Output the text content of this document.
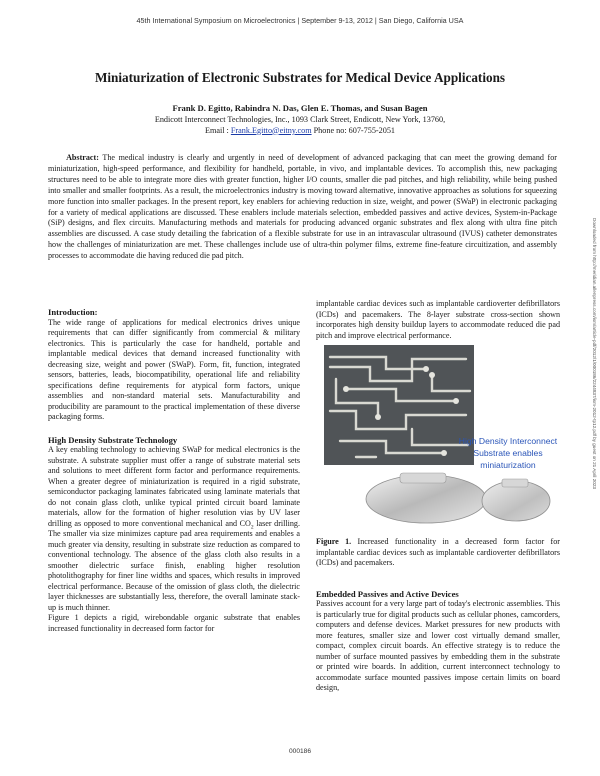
45th International Symposium on Microelectronics | September 9-13, 2012 | San Diego, California USA
Miniaturization of Electronic Substrates for Medical Device Applications
Frank D. Egitto, Rabindra N. Das, Glen E. Thomas, and Susan Bagen
Endicott Interconnect Technologies, Inc., 1093 Clark Street, Endicott, New York, 13760,
Email : Frank.Egitto@eitny.com Phone no: 607-755-2051
Abstract: The medical industry is clearly and urgently in need of development of advanced packaging that can meet the growing demand for miniaturization, high-speed performance, and flexibility for handheld, portable, in vivo, and implantable devices. To accomplish this, new packaging structures need to be able to integrate more dies with greater function, higher I/O counts, smaller die pad pitches, and high reliability, while being pushed into smaller and smaller footprints. As a result, the microelectronics industry is moving toward alternative, innovative approaches as solutions for squeezing more function into smaller packages. In the present report, key enablers for achieving reduction in size, weight, and power (SWaP) in electronic packaging for a variety of medical applications are discussed. These enablers include materials selection, embedded passives and active devices, System-in-Package (SiP) designs, and flex circuits. Manufacturing methods and materials for producing advanced organic substrates and flex along with ultra fine pitch assemblies are discussed. A case study detailing the fabrication of a flexible substrate for use in an intravascular ultrasound (IVUS) catheter demonstrates how the challenges of miniaturization are met. These challenges include use of ultra-thin polymer films, extreme fine-feature circuitization, and assembly processes to accommodate die having reduced die pad pitch.	Downloaded from http://meridian.allenpress.com/ism/article-pdf/2012/1/000186/2244837/ism-2012-tp12.pdf by guest on 21 April 2023

Introduction:

The wide range of applications for medical electronics drives unique requirements that can differ significantly from commercial & military electronics. This is particularly the case for handheld, portable and implantable medical devices that demand increased functionality with decreasing size, weight and power (SWaP). Form, fit, function, integrated sensors, batteries, leads, biocompatibility, operational life and reliability specifications define requirements for atypical form factors, unique assemblies and non-standard material sets. Manufacturability and producibility are paramount to the practical implementation of these diverse packaging forms.

High Density Substrate Technology

A key enabling technology to achieving SWaP for medical electronics is the substrate. A substrate supplier must offer a range of substrate material sets and solutions to meet different form factor and performance requirements. When a greater degree of miniaturization is required in a rigid substrate, semiconductor packaging laminates fabricated using laminate materials that do not conain glass cloth, unlike typical printed circuit board laminate materials, allow for the formation of higher resolution vias by UV laser drilling as opposed to more conventional mechanical and $CO_2$ laser drilling. The smaller via size minimizes capture pad area requirements and enables a much greater via density, resulting in substrate size reduction as compared to conventional technology. The absence of the glass cloth also results in a smoother dielectric surface finish, enabling higher resolution photolithography for finer line widths and spaces, which results in improved electrical performance. Because of the omission of glass cloth, the dielectric layer thicknesses are substantially less, therefore, the overall laminate stack-up is much thinner.

Figure 1 depicts a rigid, wirebondable organic substrate that enables increased functionality in decreased form factor for

implantable cardiac devices such as implantable cardioverter defibrillators (ICDs) and pacemakers. The 8-layer substrate cross-section shown incorporates high density buildup layers to accommodate reduced die pad pitch and improve electrical performance.

High Density Interconnect Substrate enables miniaturization

Figure 1. Increased functionality in a decreased form factor for implantable cardiac devices such as implantable cardioverter defibrillators (ICDs) and pacemakers.

Embedded Passives and Active Devices

Passives account for a very large part of today's electronic assemblies. This is particularly true for digital products such as cellular phones, camcorders, computers and defense devices. Market pressures for new products with more features, smaller size and lower cost virtually demand smaller, compact, complex circuit boards. An effective strategy is to reduce the number of surface mounted passives by embedding them in the substrate or printed wire boards. In addition, current interconnect technology to accommodate surface mounted passives impose certain limits on board design,

000186
